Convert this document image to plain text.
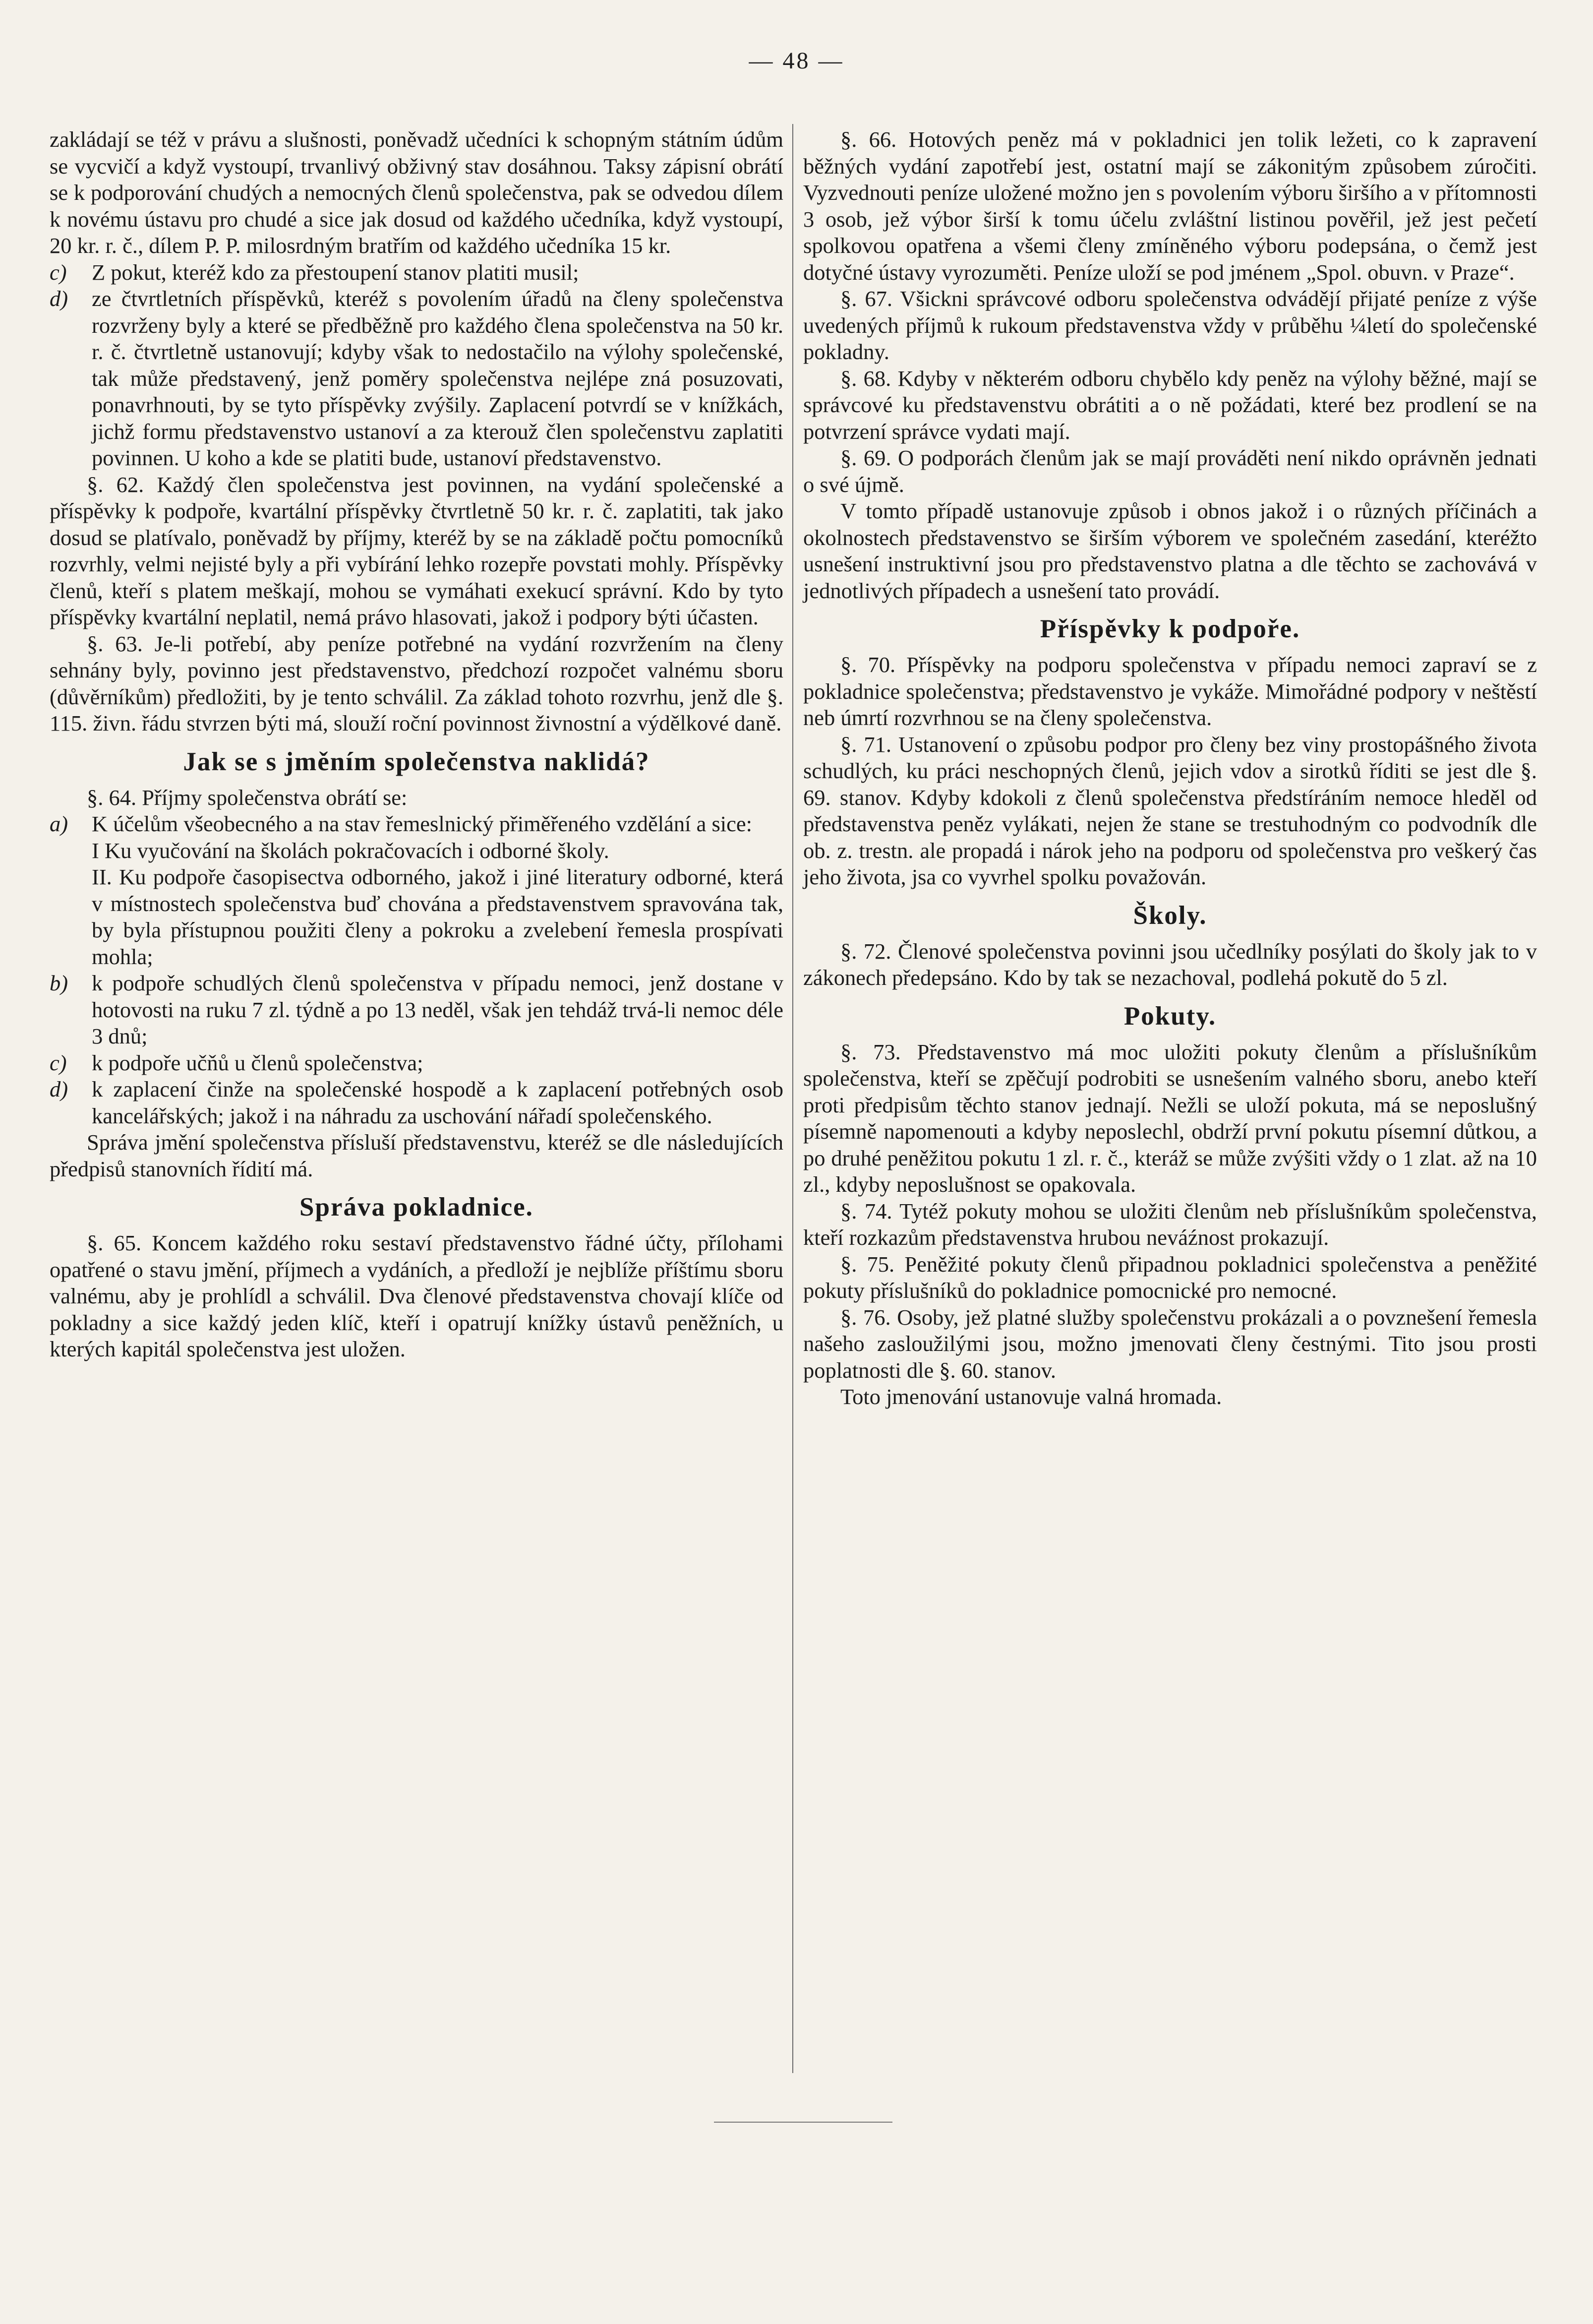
— 48 —

zakládají se též v právu a slušnosti, poněvadž učedníci k schopným státním údům se vycvičí a když vystoupí, trvanlivý obživný stav dosáhnou. Taksy zápisní obrátí se k podporování chudých a nemocných členů společenstva, pak se odvedou dílem k novému ústavu pro chudé a sice jak dosud od každého učedníka, když vystoupí, 20 kr. r. č., dílem P. P. milosrdným bratřím od každého učedníka 15 kr.

c) Z pokut, kteréž kdo za přestoupení stanov platiti musil;

d) ze čtvrtletních příspěvků, kteréž s povolením úřadů na členy společenstva rozvrženy byly a které se předběžně pro každého člena společenstva na 50 kr. r. č. čtvrtletně ustanovují; kdyby však to nedostačilo na výlohy společenské, tak může představený, jenž poměry společenstva nejlépe zná posuzovati, ponavrhnouti, by se tyto příspěvky zvýšily. Zaplacení potvrdí se v knížkách, jichž formu představenstvo ustanoví a za kterouž člen společenstvu zaplatiti povinnen. U koho a kde se platiti bude, ustanoví představenstvo.

§. 62. Každý člen společenstva jest povinnen, na vydání společenské a příspěvky k podpoře, kvartální příspěvky čtvrtletně 50 kr. r. č. zaplatiti, tak jako dosud se platívalo, poněvadž by příjmy, kteréž by se na základě počtu pomocníků rozvrhly, velmi nejisté byly a při vybírání lehko rozepře povstati mohly. Příspěvky členů, kteří s platem meškají, mohou se vymáhati exekucí správní. Kdo by tyto příspěvky kvartální neplatil, nemá právo hlasovati, jakož i podpory býti účasten.

§. 63. Je-li potřebí, aby peníze potřebné na vydání rozvržením na členy sehnány byly, povinno jest představenstvo, předchozí rozpočet valnému sboru (důvěrníkům) předložiti, by je tento schválil. Za základ tohoto rozvrhu, jenž dle §. 115. živn. řádu stvrzen býti má, slouží roční povinnost živnostní a výdělkové daně.

Jak se s jměním společenstva naklidá?

§. 64. Příjmy společenstva obrátí se:

a) K účelům všeobecného a na stav řemeslnický přiměřeného vzdělání a sice:

I Ku vyučování na školách pokračovacích i odborné školy.

II. Ku podpoře časopisectva odborného, jakož i jiné literatury odborné, která v místnostech společenstva buď chována a představenstvem spravována tak, by byla přístupnou použiti členy a pokroku a zvelebení řemesla prospívati mohla;

b) k podpoře schudlých členů společenstva v případu nemoci, jenž dostane v hotovosti na ruku 7 zl. týdně a po 13 neděl, však jen tehdáž trvá-li nemoc déle 3 dnů;

c) k podpoře učňů u členů společenstva;

d) k zaplacení činže na společenské hospodě a k zaplacení potřebných osob kancelářských; jakož i na náhradu za uschování nářadí společenského.

Správa jmění společenstva přísluší představenstvu, kteréž se dle následujících předpisů stanovních řídití má.

Správa pokladnice.

§. 65. Koncem každého roku sestaví představenstvo řádné účty, přílohami opatřené o stavu jmění, příjmech a vydáních, a předloží je nejblíže příštímu sboru valnému, aby je prohlídl a schválil. Dva členové představenstva chovají klíče od pokladny a sice každý jeden klíč, kteří i opatrují knížky ústavů peněžních, u kterých kapitál společenstva jest uložen.

§. 66. Hotových peněz má v pokladnici jen tolik ležeti, co k zapravení běžných vydání zapotřebí jest, ostatní mají se zákonitým způsobem zúročiti. Vyzvednouti peníze uložené možno jen s povolením výboru širšího a v přítomnosti 3 osob, jež výbor širší k tomu účelu zvláštní listinou pověřil, jež jest pečetí spolkovou opatřena a všemi členy zmíněného výboru podepsána, o čemž jest dotyčné ústavy vyrozuměti. Peníze uloží se pod jménem „Spol. obuvn. v Praze“.

§. 67. Všickni správcové odboru společenstva odvádějí přijaté peníze z výše uvedených příjmů k rukoum představenstva vždy v průběhu ¼letí do společenské pokladny.

§. 68. Kdyby v některém odboru chybělo kdy peněz na výlohy běžné, mají se správcové ku představenstvu obrátiti a o ně požádati, které bez prodlení se na potvrzení správce vydati mají.

§. 69. O podporách členům jak se mají prováděti není nikdo oprávněn jednati o své újmě.

V tomto případě ustanovuje způsob i obnos jakož i o různých příčinách a okolnostech představenstvo se širším výborem ve společném zasedání, kteréžto usnešení instruktivní jsou pro představenstvo platna a dle těchto se zachovává v jednotlivých případech a usnešení tato provádí.

Příspěvky k podpoře.

§. 70. Příspěvky na podporu společenstva v případu nemoci zapraví se z pokladnice společenstva; představenstvo je vykáže. Mimořádné podpory v neštěstí neb úmrtí rozvrhnou se na členy společenstva.

§. 71. Ustanovení o způsobu podpor pro členy bez viny prostopášného života schudlých, ku práci neschopných členů, jejich vdov a sirotků říditi se jest dle §. 69. stanov. Kdyby kdokoli z členů společenstva předstíráním nemoce hleděl od představenstva peněz vylákati, nejen že stane se trestuhodným co podvodník dle ob. z. trestn. ale propadá i nárok jeho na podporu od společenstva pro veškerý čas jeho života, jsa co vyvrhel spolku považován.

Školy.

§. 72. Členové společenstva povinni jsou učedlníky posýlati do školy jak to v zákonech předepsáno. Kdo by tak se nezachoval, podlehá pokutě do 5 zl.

Pokuty.

§. 73. Představenstvo má moc uložiti pokuty členům a příslušníkům společenstva, kteří se zpěčují podrobiti se usnešením valného sboru, anebo kteří proti předpisům těchto stanov jednají. Nežli se uloží pokuta, má se neposlušný písemně napomenouti a kdyby neposlechl, obdrží první pokutu písemní důtkou, a po druhé peněžitou pokutu 1 zl. r. č., kteráž se může zvýšiti vždy o 1 zlat. až na 10 zl., kdyby neposlušnost se opakovala.

§. 74. Tytéž pokuty mohou se uložiti členům neb příslušníkům společenstva, kteří rozkazům představenstva hrubou neváźnost prokazují.

§. 75. Peněžité pokuty členů připadnou pokladnici společenstva a peněžité pokuty příslušníků do pokladnice pomocnické pro nemocné.

§. 76. Osoby, jež platné služby společenstvu prokázali a o povznešení řemesla našeho zasloužilými jsou, možno jmenovati členy čestnými. Tito jsou prosti poplatnosti dle §. 60. stanov.

Toto jmenování ustanovuje valná hromada.
